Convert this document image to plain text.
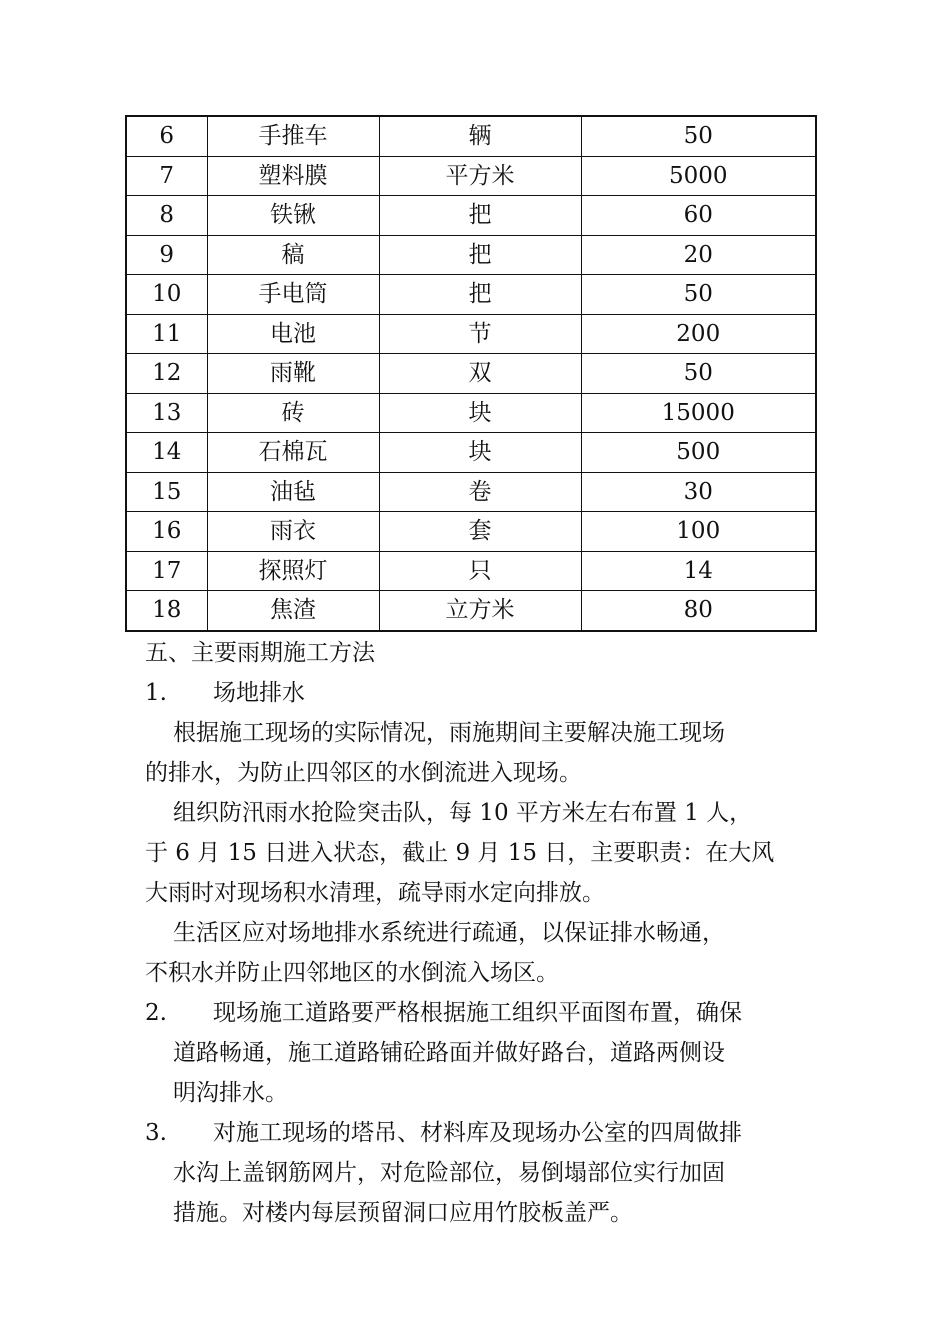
6	手推车	辆	50
7	塑料膜	平方米	5000
8	铁锹	把	60
9	稿	把	20
10	手电筒	把	50
11	电池	节	200
12	雨靴	双	50
13	砖	块	15000
14	石棉瓦	块	500
15	油毡	卷	30
16	雨衣	套	100
17	探照灯	只	14
18	焦渣	立方米	80
五、主要雨期施工方法
1.	场地排水
根据施工现场的实际情况，雨施期间主要解决施工现场
的排水，为防止四邻区的水倒流进入现场。
组织防汛雨水抢险突击队，每 10 平方米左右布置 1 人，
于 6 月 15 日进入状态，截止 9 月 15 日，主要职责：在大风
大雨时对现场积水清理，疏导雨水定向排放。
生活区应对场地排水系统进行疏通，以保证排水畅通，
不积水并防止四邻地区的水倒流入场区。
2.	现场施工道路要严格根据施工组织平面图布置，确保
道路畅通，施工道路铺砼路面并做好路台，道路两侧设
明沟排水。
3.	对施工现场的塔吊、材料库及现场办公室的四周做排
水沟上盖钢筋网片，对危险部位，易倒塌部位实行加固
措施。对楼内每层预留洞口应用竹胶板盖严。
